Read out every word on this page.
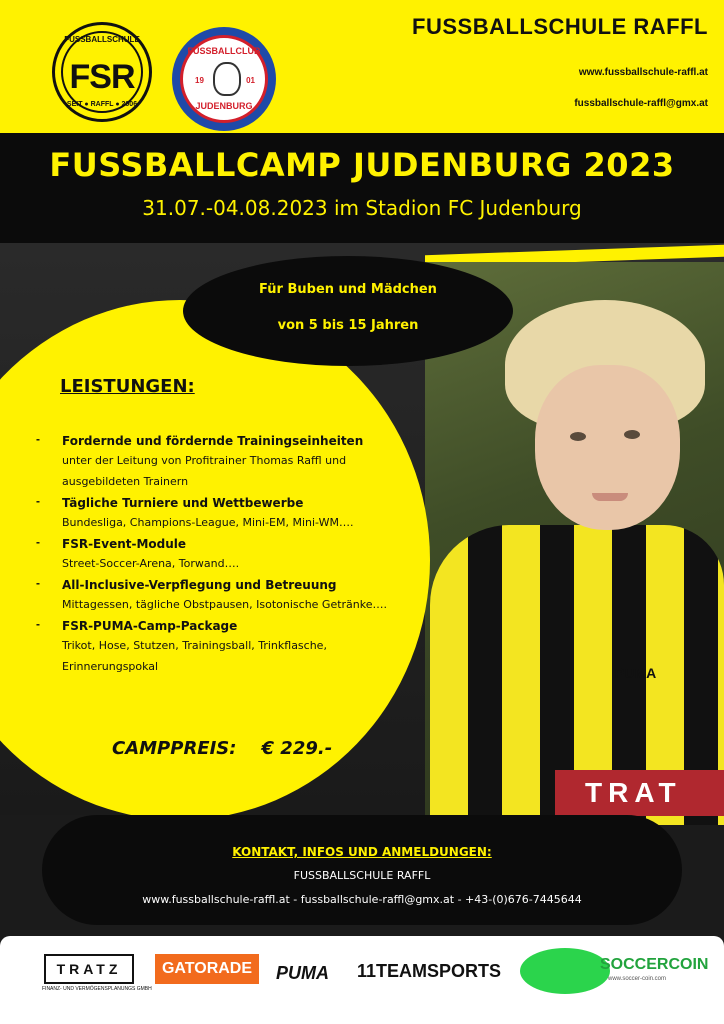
FUSSBALLSCHULE
FSR
SEIT ● RAFFL ● 2006
FUSSBALLCLUB
19	01
JUDENBURG
FUSSBALLSCHULE RAFFL
www.fussballschule-raffl.at
fussballschule-raffl@gmx.at
FUSSBALLCAMP JUDENBURG 2023
31.07.-04.08.2023 im Stadion FC Judenburg
PUMA
TRAT
Für Buben und Mädchen
von 5 bis 15 Jahren
LEISTUNGEN:
- Fordernde und fördernde Trainingseinheiten
unter der Leitung von Profitrainer Thomas Raffl und
ausgebildeten Trainern
- Tägliche Turniere und Wettbewerbe
Bundesliga, Champions-League, Mini-EM, Mini-WM….
- FSR-Event-Module
Street-Soccer-Arena, Torwand….
- All-Inclusive-Verpflegung und Betreuung
Mittagessen, tägliche Obstpausen, Isotonische Getränke….
- FSR-PUMA-Camp-Package
Trikot, Hose, Stutzen, Trainingsball, Trinkflasche,
Erinnerungspokal
CAMPPREIS:    € 229.-
KONTAKT, INFOS UND ANMELDUNGEN:
FUSSBALLSCHULE RAFFL
www.fussballschule-raffl.at - fussballschule-raffl@gmx.at - +43-(0)676-7445644
TRATZ
FINANZ- UND VERMÖGENSPLANUNGS GMBH
GATORADE	PUMA	11TEAMSPORTS	SOCCERCOIN
www.soccer-coin.com
